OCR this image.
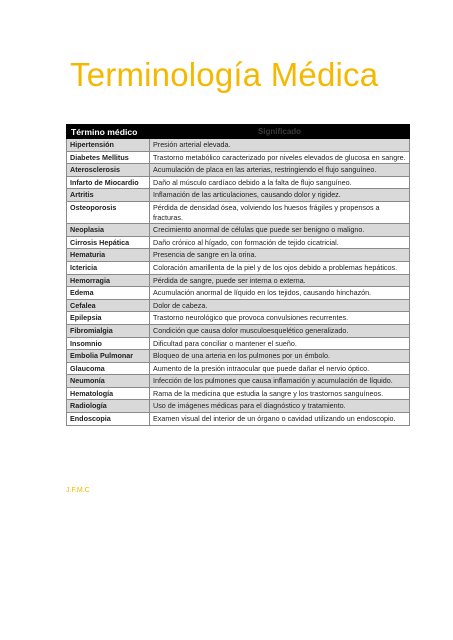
Terminología Médica
Término médico	Significado
Hipertensión	Presión arterial elevada.
Diabetes Mellitus	Trastorno metabólico caracterizado por niveles elevados de glucosa en sangre.
Aterosclerosis	Acumulación de placa en las arterias, restringiendo el flujo sanguíneo.
Infarto de Miocardio	Daño al músculo cardíaco debido a la falta de flujo sanguíneo.
Artritis	Inflamación de las articulaciones, causando dolor y rigidez.
Osteoporosis	Pérdida de densidad ósea, volviendo los huesos frágiles y propensos a fracturas.
Neoplasia	Crecimiento anormal de células que puede ser benigno o maligno.
Cirrosis Hepática	Daño crónico al hígado, con formación de tejido cicatricial.
Hematuria	Presencia de sangre en la orina.
Ictericia	Coloración amarillenta de la piel y de los ojos debido a problemas hepáticos.
Hemorragia	Pérdida de sangre, puede ser interna o externa.
Edema	Acumulación anormal de líquido en los tejidos, causando hinchazón.
Cefalea	Dolor de cabeza.
Epilepsia	Trastorno neurológico que provoca convulsiones recurrentes.
Fibromialgia	Condición que causa dolor musculoesquelético generalizado.
Insomnio	Dificultad para conciliar o mantener el sueño.
Embolia Pulmonar	Bloqueo de una arteria en los pulmones por un émbolo.
Glaucoma	Aumento de la presión intraocular que puede dañar el nervio óptico.
Neumonía	Infección de los pulmones que causa inflamación y acumulación de líquido.
Hematología	Rama de la medicina que estudia la sangre y los trastornos sanguíneos.
Radiología	Uso de imágenes médicas para el diagnóstico y tratamiento.
Endoscopia	Examen visual del interior de un órgano o cavidad utilizando un endoscopio.
J.F.M.C
